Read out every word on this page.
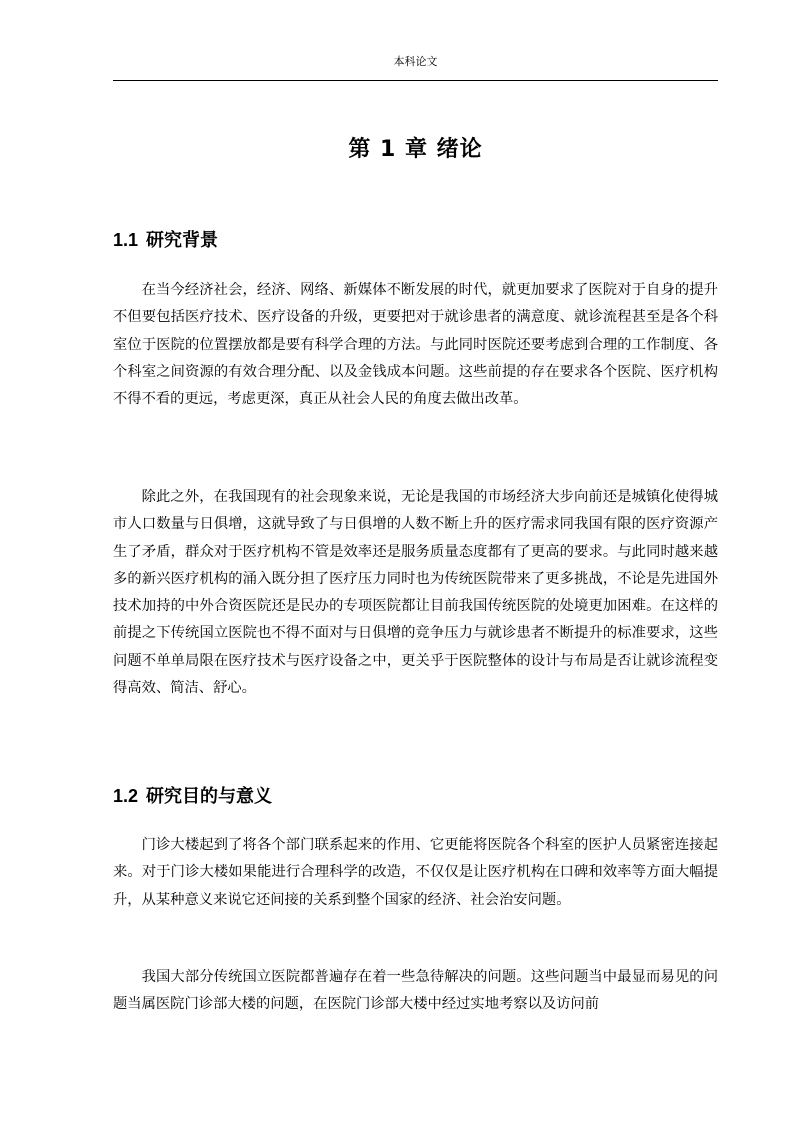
本科论文
第 1 章 绪论
1.1 研究背景

在当今经济社会，经济、网络、新媒体不断发展的时代，就更加要求了医院对于自身的提升不但要包括医疗技术、医疗设备的升级，更要把对于就诊患者的满意度、就诊流程甚至是各个科室位于医院的位置摆放都是要有科学合理的方法。与此同时医院还要考虑到合理的工作制度、各个科室之间资源的有效合理分配、以及金钱成本问题。这些前提的存在要求各个医院、医疗机构不得不看的更远，考虑更深，真正从社会人民的角度去做出改革。

除此之外，在我国现有的社会现象来说，无论是我国的市场经济大步向前还是城镇化使得城市人口数量与日俱增，这就导致了与日俱增的人数不断上升的医疗需求同我国有限的医疗资源产生了矛盾，群众对于医疗机构不管是效率还是服务质量态度都有了更高的要求。与此同时越来越多的新兴医疗机构的涌入既分担了医疗压力同时也为传统医院带来了更多挑战，不论是先进国外技术加持的中外合资医院还是民办的专项医院都让目前我国传统医院的处境更加困难。在这样的前提之下传统国立医院也不得不面对与日俱增的竞争压力与就诊患者不断提升的标准要求，这些问题不单单局限在医疗技术与医疗设备之中，更关乎于医院整体的设计与布局是否让就诊流程变得高效、简洁、舒心。

1.2 研究目的与意义

门诊大楼起到了将各个部门联系起来的作用、它更能将医院各个科室的医护人员紧密连接起来。对于门诊大楼如果能进行合理科学的改造，不仅仅是让医疗机构在口碑和效率等方面大幅提升，从某种意义来说它还间接的关系到整个国家的经济、社会治安问题。

我国大部分传统国立医院都普遍存在着一些急待解决的问题。这些问题当中最显而易见的问题当属医院门诊部大楼的问题，在医院门诊部大楼中经过实地考察以及访问前
